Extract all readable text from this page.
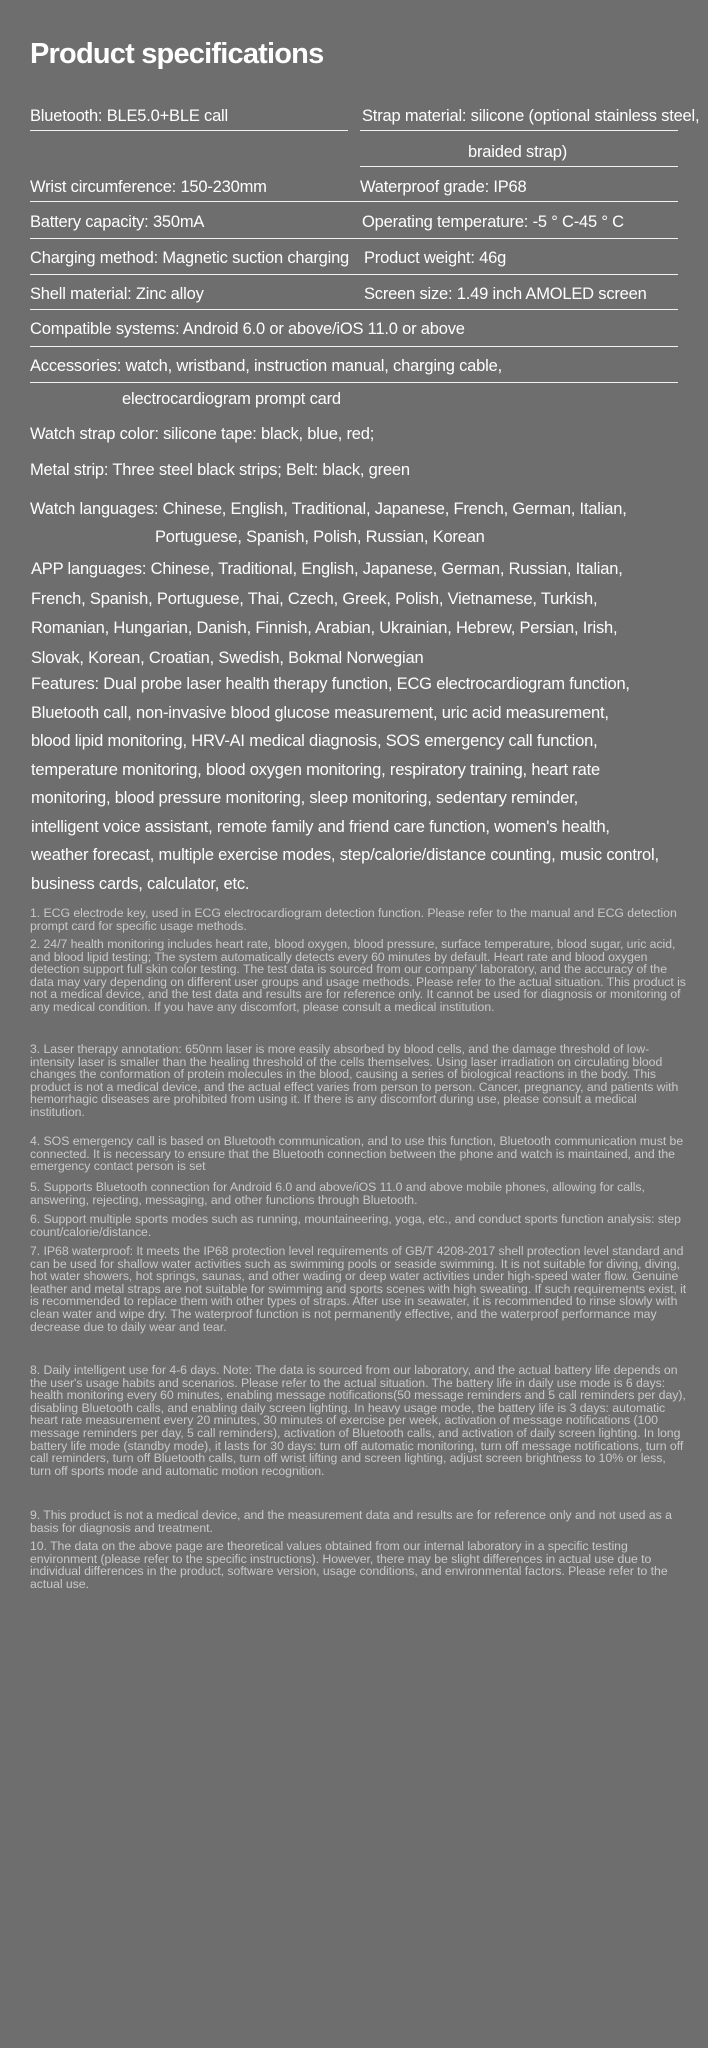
Product specifications
Bluetooth: BLE5.0+BLE call	Strap material: silicone (optional stainless steel,
braided strap)
Wrist circumference: 150-230mm	Waterproof grade: IP68
Battery capacity: 350mA	Operating temperature: -5 ° C-45 ° C
Charging method: Magnetic suction charging Product weight: 46g
Shell material: Zinc alloy	Screen size: 1.49 inch AMOLED screen
Compatible systems: Android 6.0 or above/iOS 11.0 or above
Accessories: watch, wristband, instruction manual, charging cable,
electrocardiogram prompt card
Watch strap color: silicone tape: black, blue, red;
Metal strip: Three steel black strips; Belt: black, green
Watch languages: Chinese, English, Traditional, Japanese, French, German, Italian,
Portuguese, Spanish, Polish, Russian, Korean
APP languages: Chinese, Traditional, English, Japanese, German, Russian, Italian,
French, Spanish, Portuguese, Thai, Czech, Greek, Polish, Vietnamese, Turkish,
Romanian, Hungarian, Danish, Finnish, Arabian, Ukrainian, Hebrew, Persian, Irish,
Slovak, Korean, Croatian, Swedish, Bokmal Norwegian
Features: Dual probe laser health therapy function, ECG electrocardiogram function,
Bluetooth call, non-invasive blood glucose measurement, uric acid measurement,
blood lipid monitoring, HRV-AI medical diagnosis, SOS emergency call function,
temperature monitoring, blood oxygen monitoring, respiratory training, heart rate
monitoring, blood pressure monitoring, sleep monitoring, sedentary reminder,
intelligent voice assistant, remote family and friend care function, women's health,
weather forecast, multiple exercise modes, step/calorie/distance counting, music control,
business cards, calculator, etc.
1. ECG electrode key, used in ECG electrocardiogram detection function. Please refer to the manual and ECG detection prompt card for specific usage methods.
2. 24/7 health monitoring includes heart rate, blood oxygen, blood pressure, surface temperature, blood sugar, uric acid, and blood lipid testing; The system automatically detects every 60 minutes by default. Heart rate and blood oxygen detection support full skin color testing. The test data is sourced from our company' laboratory, and the accuracy of the data may vary depending on different user groups and usage methods. Please refer to the actual situation. This product is not a medical device, and the test data and results are for reference only. It cannot be used for diagnosis or monitoring of any medical condition. If you have any discomfort, please consult a medical institution.
3. Laser therapy annotation: 650nm laser is more easily absorbed by blood cells, and the damage threshold of low-intensity laser is smaller than the healing threshold of the cells themselves. Using laser irradiation on circulating blood changes the conformation of protein molecules in the blood, causing a series of biological reactions in the body. This product is not a medical device, and the actual effect varies from person to person. Cancer, pregnancy, and patients with hemorrhagic diseases are prohibited from using it. If there is any discomfort during use, please consult a medical institution.
4. SOS emergency call is based on Bluetooth communication, and to use this function, Bluetooth communication must be connected. It is necessary to ensure that the Bluetooth connection between the phone and watch is maintained, and the emergency contact person is set
5. Supports Bluetooth connection for Android 6.0 and above/iOS 11.0 and above mobile phones, allowing for calls, answering, rejecting, messaging, and other functions through Bluetooth.
6. Support multiple sports modes such as running, mountaineering, yoga, etc., and conduct sports function analysis: step count/calorie/distance.
7. IP68 waterproof: It meets the IP68 protection level requirements of GB/T 4208-2017 shell protection level standard and can be used for shallow water activities such as swimming pools or seaside swimming. It is not suitable for diving, diving, hot water showers, hot springs, saunas, and other wading or deep water activities under high-speed water flow. Genuine leather and metal straps are not suitable for swimming and sports scenes with high sweating. If such requirements exist, it is recommended to replace them with other types of straps. After use in seawater, it is recommended to rinse slowly with clean water and wipe dry. The waterproof function is not permanently effective, and the waterproof performance may decrease due to daily wear and tear.
8. Daily intelligent use for 4-6 days. Note: The data is sourced from our laboratory, and the actual battery life depends on the user's usage habits and scenarios. Please refer to the actual situation. The battery life in daily use mode is 6 days: health monitoring every 60 minutes, enabling message notifications(50 message reminders and 5 call reminders per day), disabling Bluetooth calls, and enabling daily screen lighting. In heavy usage mode, the battery life is 3 days: automatic heart rate measurement every 20 minutes, 30 minutes of exercise per week, activation of message notifications (100 message reminders per day, 5 call reminders), activation of Bluetooth calls, and activation of daily screen lighting. In long battery life mode (standby mode), it lasts for 30 days: turn off automatic monitoring, turn off message notifications, turn off call reminders, turn off Bluetooth calls, turn off wrist lifting and screen lighting, adjust screen brightness to 10% or less, turn off sports mode and automatic motion recognition.
9. This product is not a medical device, and the measurement data and results are for reference only and not used as a basis for diagnosis and treatment.
10. The data on the above page are theoretical values obtained from our internal laboratory in a specific testing environment (please refer to the specific instructions). However, there may be slight differences in actual use due to individual differences in the product, software version, usage conditions, and environmental factors. Please refer to the actual use.
